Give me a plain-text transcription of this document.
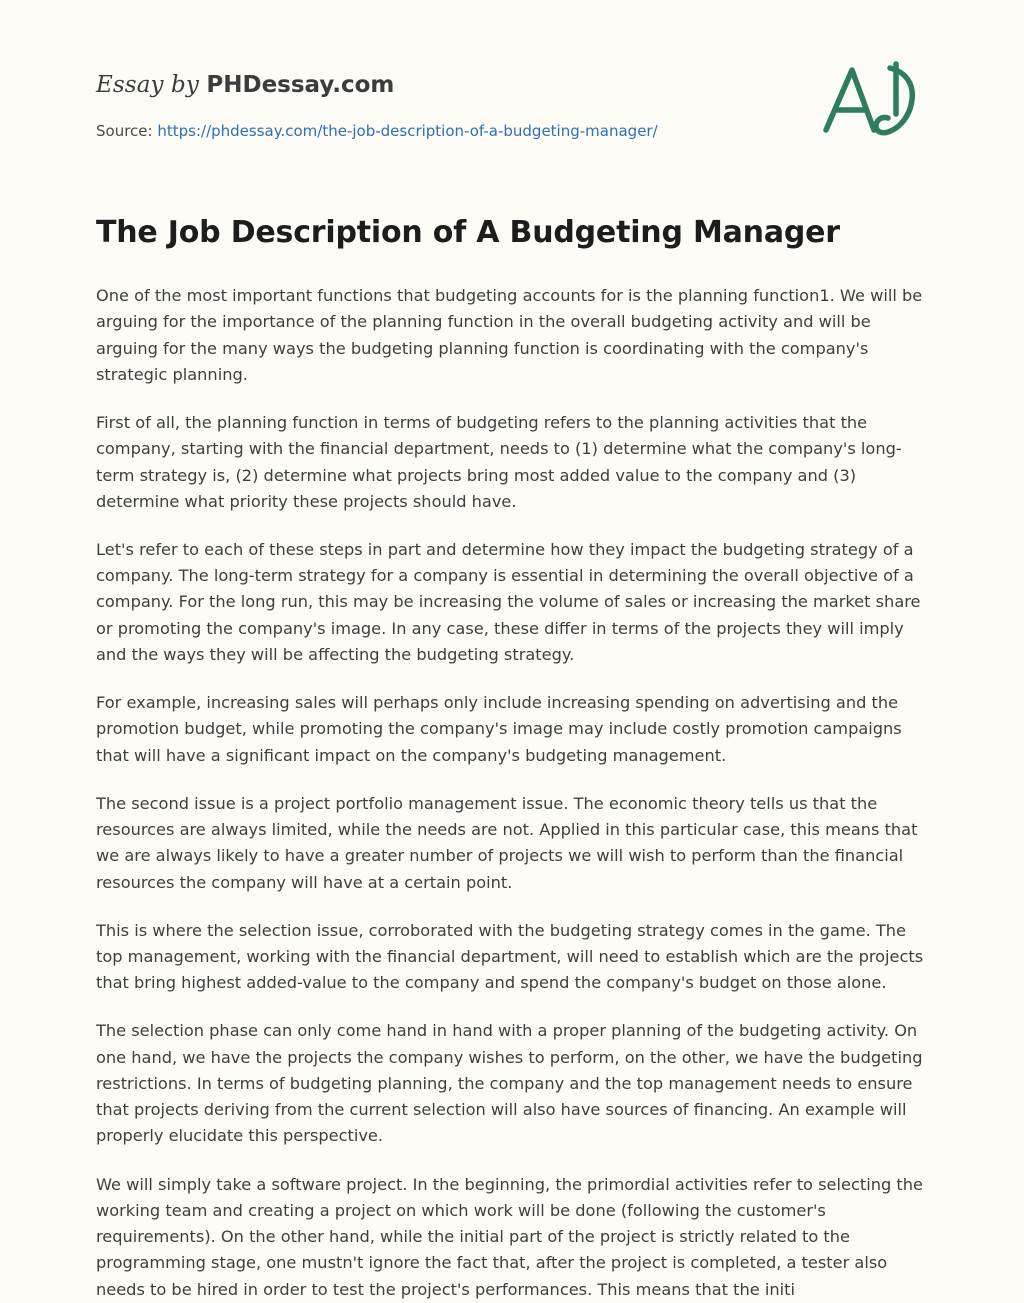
Essay by PHDessay.com
Source: https://phdessay.com/the-job-description-of-a-budgeting-manager/
The Job Description of A Budgeting Manager

One of the most important functions that budgeting accounts for is the planning function1. We will be arguing for the importance of the planning function in the overall budgeting activity and will be arguing for the many ways the budgeting planning function is coordinating with the company's strategic planning.

First of all, the planning function in terms of budgeting refers to the planning activities that the company, starting with the financial department, needs to (1) determine what the company's long-term strategy is, (2) determine what projects bring most added value to the company and (3) determine what priority these projects should have.

Let's refer to each of these steps in part and determine how they impact the budgeting strategy of a company. The long-term strategy for a company is essential in determining the overall objective of a company. For the long run, this may be increasing the volume of sales or increasing the market share or promoting the company's image. In any case, these differ in terms of the projects they will imply and the ways they will be affecting the budgeting strategy.

For example, increasing sales will perhaps only include increasing spending on advertising and the promotion budget, while promoting the company's image may include costly promotion campaigns that will have a significant impact on the company's budgeting management.

The second issue is a project portfolio management issue. The economic theory tells us that the resources are always limited, while the needs are not. Applied in this particular case, this means that we are always likely to have a greater number of projects we will wish to perform than the financial resources the company will have at a certain point.

This is where the selection issue, corroborated with the budgeting strategy comes in the game. The top management, working with the financial department, will need to establish which are the projects that bring highest added-value to the company and spend the company's budget on those alone.

The selection phase can only come hand in hand with a proper planning of the budgeting activity. On one hand, we have the projects the company wishes to perform, on the other, we have the budgeting restrictions. In terms of budgeting planning, the company and the top management needs to ensure that projects deriving from the current selection will also have sources of financing. An example will properly elucidate this perspective.

We will simply take a software project. In the beginning, the primordial activities refer to selecting the working team and creating a project on which work will be done (following the customer's requirements). On the other hand, while the initial part of the project is strictly related to the programming stage, one mustn't ignore the fact that, after the project is completed, a tester also needs to be hired in order to test the project's performances. This means that the initi
